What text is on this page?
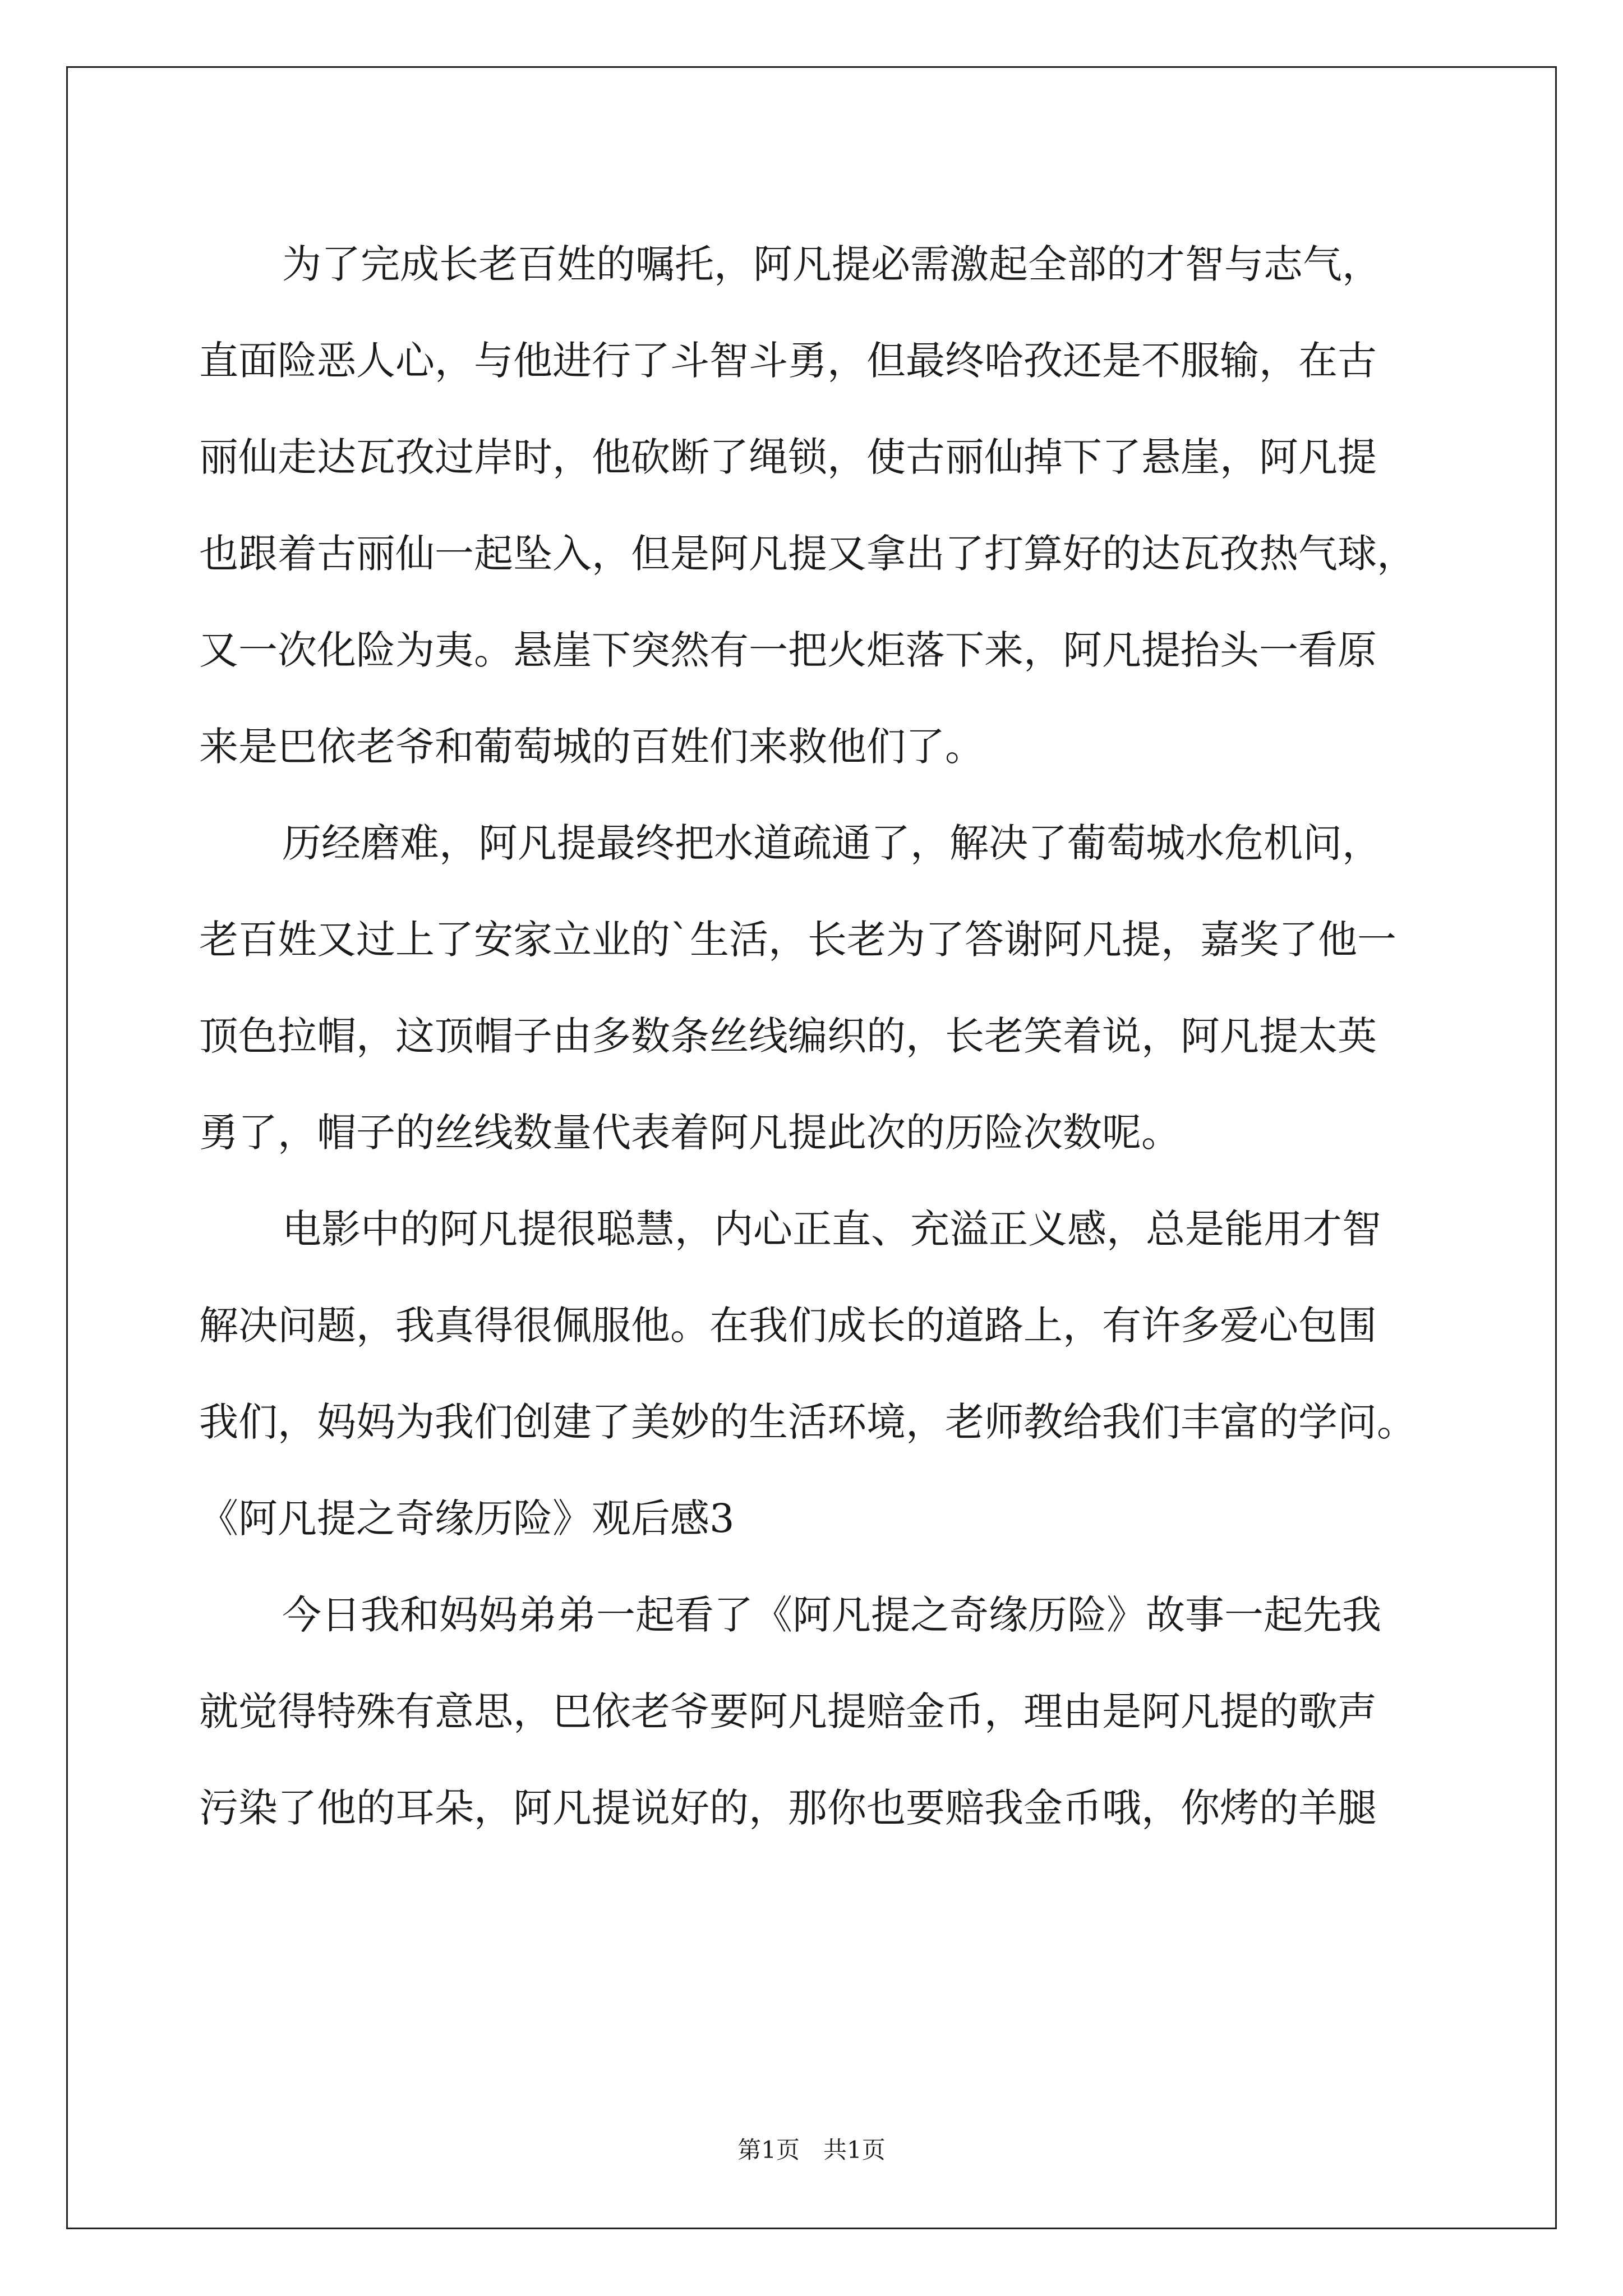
为了完成长老百姓的嘱托，阿凡提必需激起全部的才智与志气，
直面险恶人心，与他进行了斗智斗勇，但最终哈孜还是不服输，在古
丽仙走达瓦孜过岸时，他砍断了绳锁，使古丽仙掉下了悬崖，阿凡提
也跟着古丽仙一起坠入，但是阿凡提又拿出了打算好的达瓦孜热气球，
又一次化险为夷。悬崖下突然有一把火炬落下来，阿凡提抬头一看原
来是巴依老爷和葡萄城的百姓们来救他们了。
历经磨难，阿凡提最终把水道疏通了，解决了葡萄城水危机问，
老百姓又过上了安家立业的`生活，长老为了答谢阿凡提，嘉奖了他一
顶色拉帽，这顶帽子由多数条丝线编织的，长老笑着说，阿凡提太英
勇了，帽子的丝线数量代表着阿凡提此次的历险次数呢。
电影中的阿凡提很聪慧，内心正直、充溢正义感，总是能用才智
解决问题，我真得很佩服他。在我们成长的道路上，有许多爱心包围
我们，妈妈为我们创建了美妙的生活环境，老师教给我们丰富的学问。
《阿凡提之奇缘历险》观后感3
今日我和妈妈弟弟一起看了《阿凡提之奇缘历险》故事一起先我
就觉得特殊有意思，巴依老爷要阿凡提赔金币，理由是阿凡提的歌声
污染了他的耳朵，阿凡提说好的，那你也要赔我金币哦，你烤的羊腿
第1页　共1页
